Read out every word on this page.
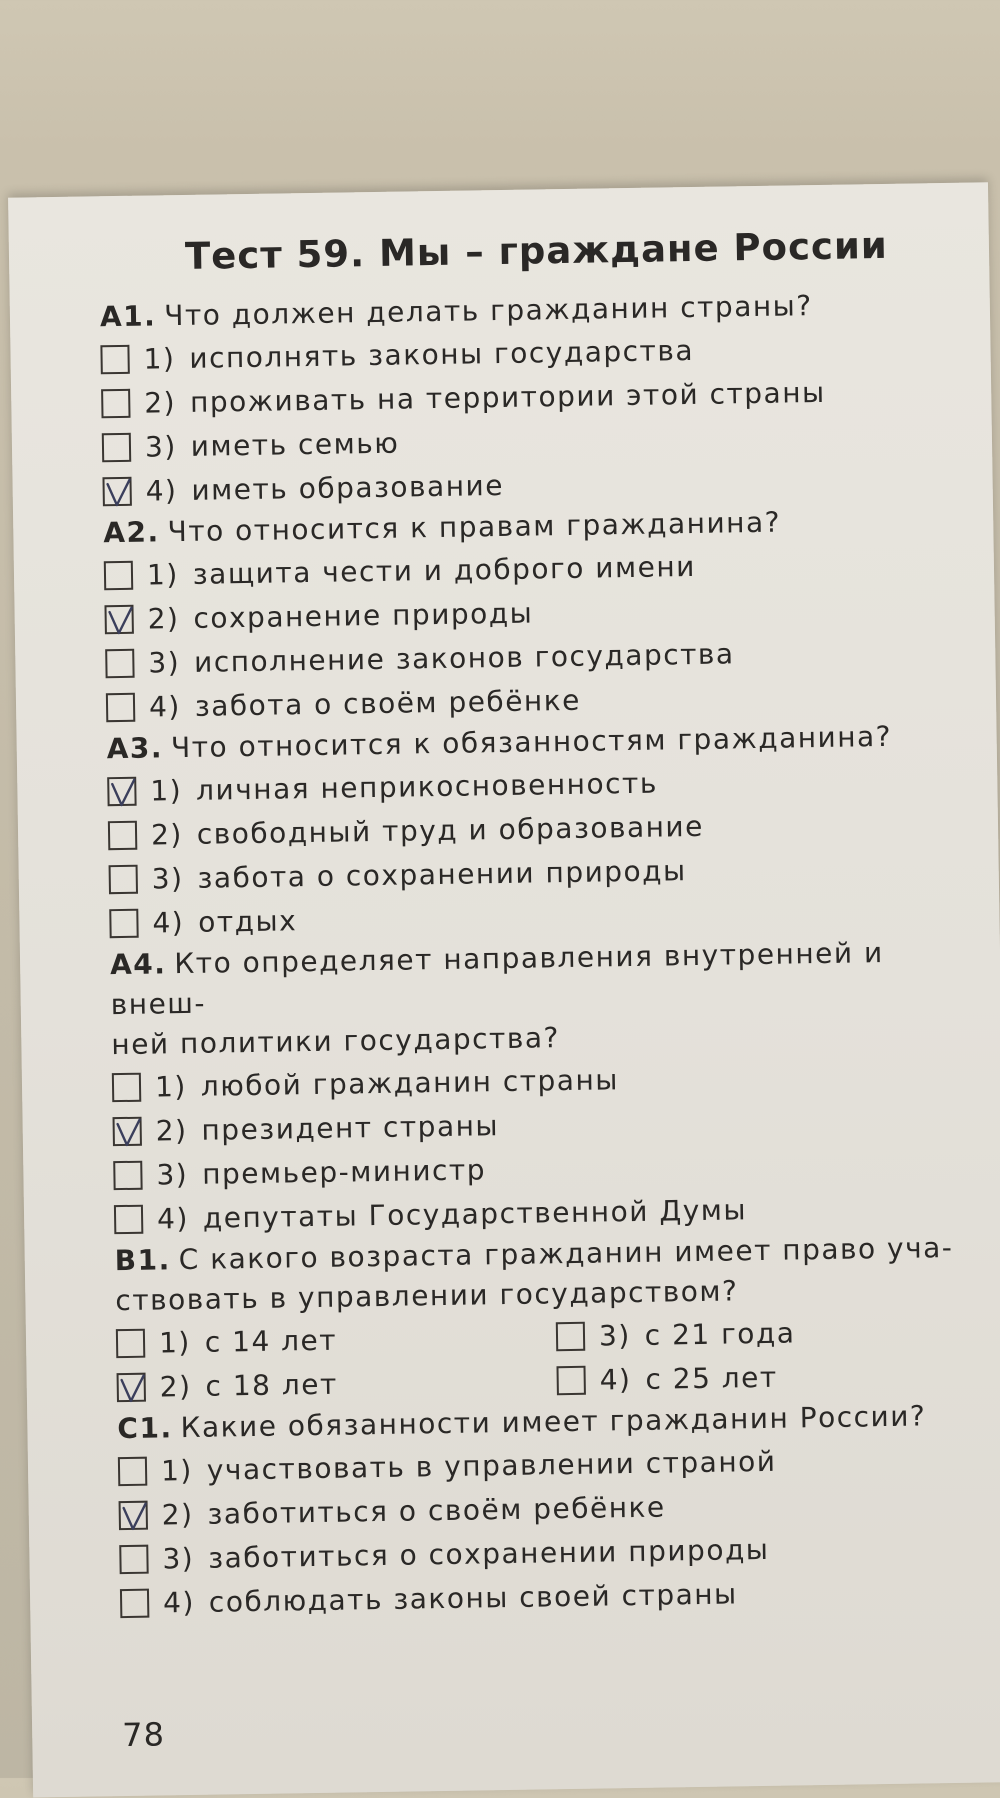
Тест 59. Мы – граждане России

A1. Что должен делать гражданин страны?

1) исполнять законы государства
2) проживать на территории этой страны
3) иметь семью
4) иметь образование

A2. Что относится к правам гражданина?

1) защита чести и доброго имени
2) сохранение природы
3) исполнение законов государства
4) забота о своём ребёнке

A3. Что относится к обязанностям гражданина?

1) личная неприкосновенность
2) свободный труд и образование
3) забота о сохранении природы
4) отдых

A4. Кто определяет направления внутренней и внеш-

ней политики государства?

1) любой гражданин страны
2) президент страны
3) премьер-министр
4) депутаты Государственной Думы

B1. С какого возраста гражданин имеет право уча-

ствовать в управлении государством?

1) с 14 лет	3) с 21 года
2) с 18 лет	4) с 25 лет

C1. Какие обязанности имеет гражданин России?

1) участвовать в управлении страной
2) заботиться о своём ребёнке
3) заботиться о сохранении природы
4) соблюдать законы своей страны
78
